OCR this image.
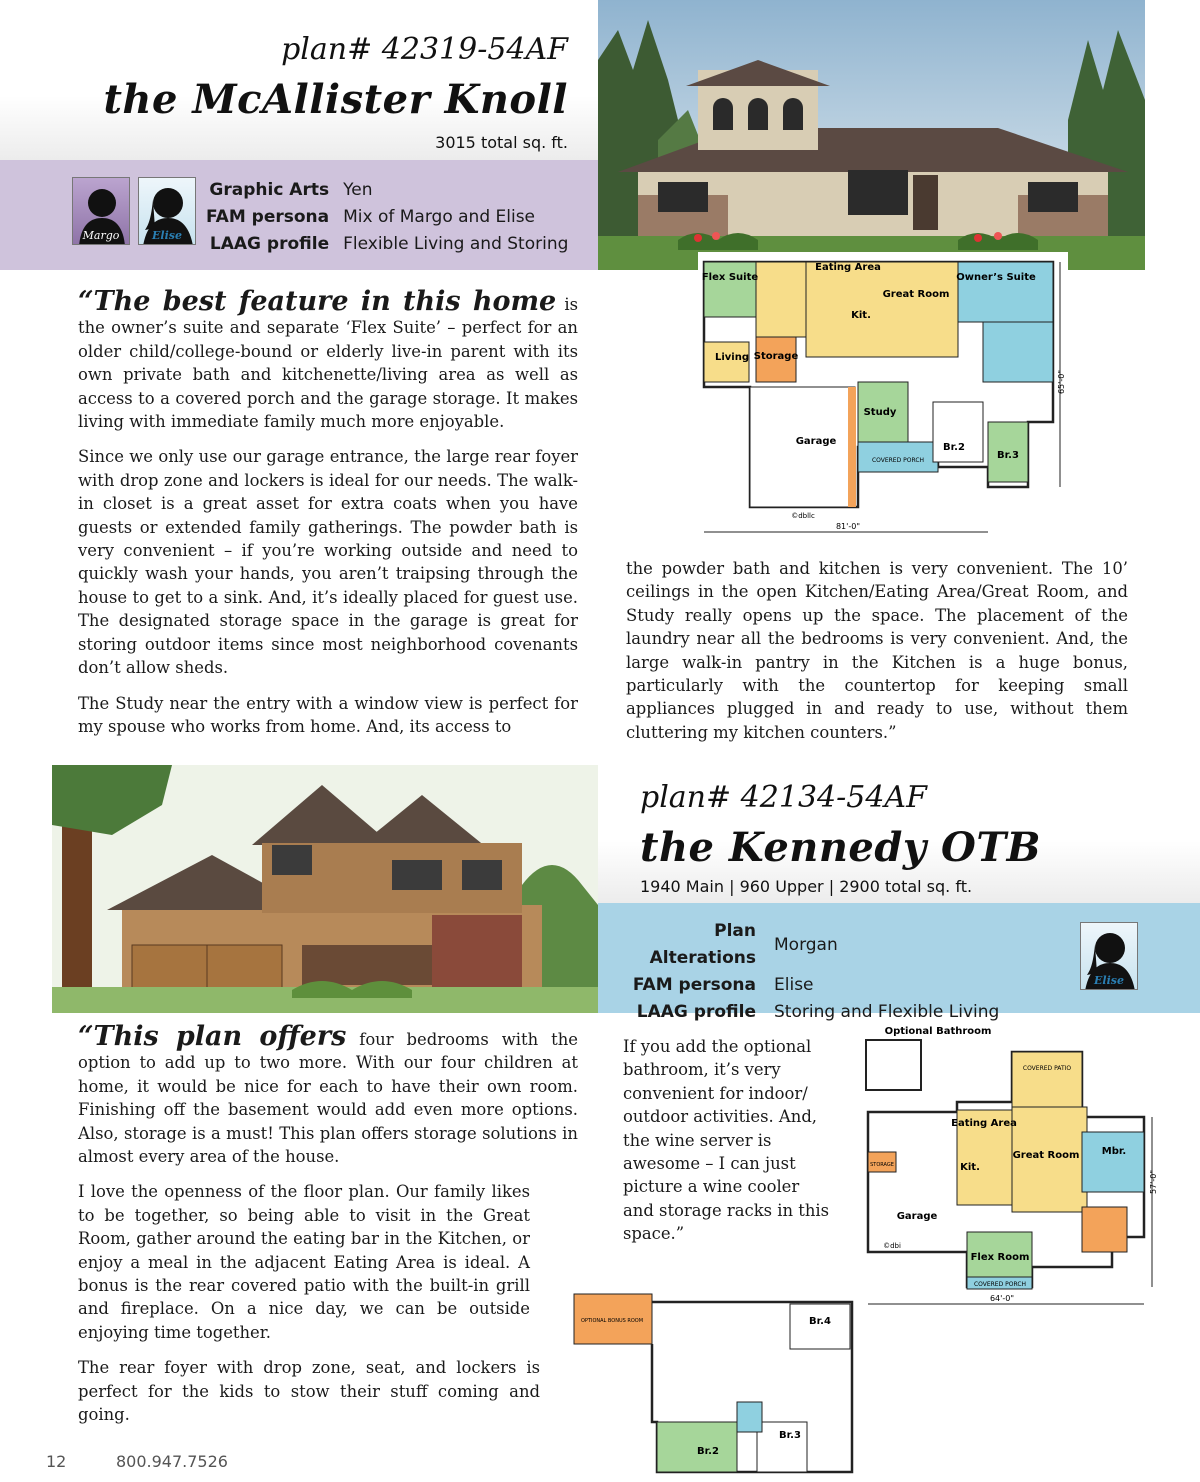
plan# 42319-54AF
the McAllister Knoll
3015 total sq. ft.
Margo	Elise
Graphic Arts	Yen
FAM persona	Mix of Margo and Elise
LAAG profile	Flexible Living and Storing
Flex Suite
Eating Area
Great Room
Owner’s Suite
Kit.
Living Storage
Study
Garage
Br.2
Br.3
COVERED PORCH
81'-0"
65'-0"
©dbllc

“The best feature in this home is the owner’s suite and separate ‘Flex Suite’ – perfect for an older child/college-bound or elderly live-in parent with its own private bath and kitchenette/living area as well as access to a covered porch and the garage storage. It makes living with immediate family much more enjoyable.

Since we only use our garage entrance, the large rear foyer with drop zone and lockers is ideal for our needs. The walk-in closet is a great asset for extra coats when you have guests or extended family gatherings. The powder bath is very convenient – if you’re working outside and need to quickly wash your hands, you aren’t traipsing through the house to get to a sink. And, it’s ideally placed for guest use. The designated storage space in the garage is great for storing outdoor items since most neighborhood covenants don’t allow sheds.

The Study near the entry with a window view is perfect for my spouse who works from home. And, its access to

the powder bath and kitchen is very convenient. The 10’ ceilings in the open Kitchen/Eating Area/Great Room, and Study really opens up the space. The placement of the laundry near all the bedrooms is very convenient. And, the large walk-in pantry in the Kitchen is a huge bonus, particularly with the countertop for keeping small appliances plugged in and ready to use, without them cluttering my kitchen counters.”

plan# 42134-54AF
the Kennedy OTB
1940 Main | 960 Upper | 2900 total sq. ft.
Plan Alterations	Morgan
FAM persona	Elise
LAAG profile	Storing and Flexible Living
Elise

“This plan offers four bedrooms with the option to add up to two more. With our four children at home, it would be nice for each to have their own room. Finishing off the basement would add even more options. Also, storage is a must! This plan offers storage solutions in almost every area of the house.

I love the openness of the floor plan. Our family likes to be together, so being able to visit in the Great Room, gather around the eating bar in the Kitchen, or enjoy a meal in the adjacent Eating Area is ideal. A bonus is the rear covered patio with the built-in grill and fireplace. On a nice day, we can be outside enjoying time together.

The rear foyer with drop zone, seat, and lockers is perfect for the kids to stow their stuff coming and going.

If you add the optional bathroom, it’s very convenient for indoor/ outdoor activities. And, the wine server is awesome – I can just picture a wine cooler and storage racks in this space.”

Optional Bathroom
Eating Area
Great Room
Kit.
Mbr.
Garage
Flex Room
COVERED PATIO
COVERED PORCH
STORAGE
64'-0"
57'-0"
©dbi
OPTIONAL BONUS ROOM	Br.4
Br.2
Br.3
12	800.947.7526
